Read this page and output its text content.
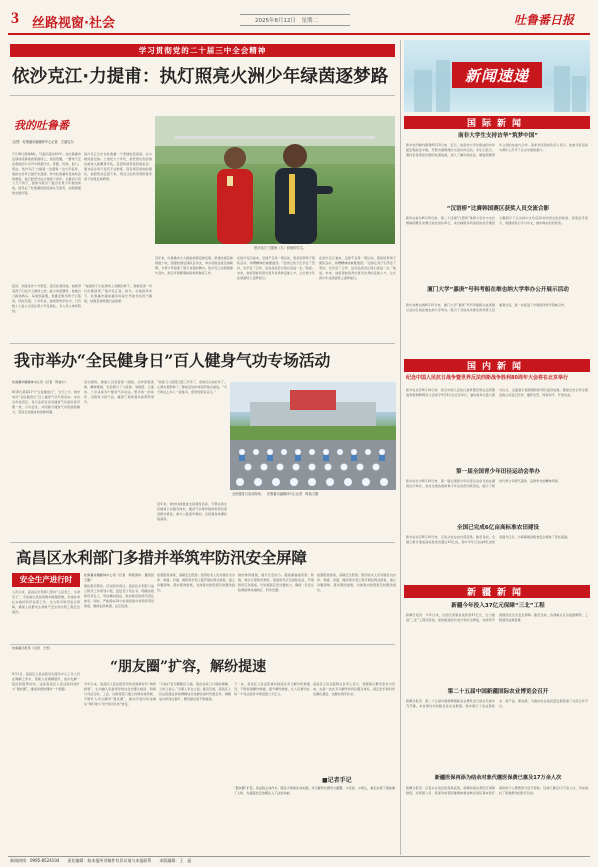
3 丝路视窗·社会	2025年8月12日　星期二	吐鲁番日报
学习贯彻党的二十届三中全会精神
依沙克江·力提甫：执灯照亮火洲少年绿茵逐梦路
我的吐鲁番
文/图　吐鲁番市融媒体中心记者　古丽扎尔
7月16日傍晚6时，气温仍超过40℃。在吐鲁番市足球训练基地的绿茵场上，热浪蒸腾，一群孩子正在教练的口令声中挥洒汗水，奔跑、传球、射门。场边，依沙克江·力提甫一边观察一边大声指导，他的衣衫早已被汗水浸透。作为吐鲁番市足球协会的教练，他已经坚守这片球场十余年。从最初只有十几个孩子，到如今吸引了数百名青少年参加训练，他见证了吐鲁番校园足球从无到有、由弱到强的发展历程。
依沙克江出生在吐鲁番一个普通农民家庭，从小就热爱足球。上世纪九十年代，他凭借出色的球技被选入新疆青年队，后因伤病退役回到家乡。面对家乡孩子没有专业教练、没有规范场地的现状，他毅然决定留下来，用自己的所学帮助更多孩子实现足球梦想。
起初，训练条件十分艰苦，没有标准场地，他就带着孩子们在沙土操场上练；缺少训练器材，他就自己掏钱购买。每到寒暑假，他都会组织孩子们集训，风雨无阻。十多年来，他培养的学生中，已有数十人进入自治区青少年足球队，多人考入体育院校。
“看到孩子们在球场上奔跑的样子，我就觉得一切付出都值得。”依沙克江说。如今，在他的带动下，吐鲁番市越来越多的家长开始支持孩子踢球，校园足球氛围日益浓厚。
依沙克江·力提甫（右）和他的学生。
近年来，吐鲁番市大力推进校园足球发展，新建改建足球场数十块，组建校园足球队百余支，举办各级各类足球联赛，为青少年搭建了展示自我的舞台。依沙克江也积极参与其中，担任多项赛事的裁判和教练工作。
在依沙克江看来，足球不仅是一项运动，更是培养孩子团队意识、拼搏精神的重要途径。“足球让孩子们学会了坚持，也学会了合作，这些品质会让他们受益一生。”他说。未来，他希望能培养出更多优秀的足球人才，让火洲少年在绿茵场上逐梦前行。
在依沙克江看来，足球不仅是一项运动，更是培养孩子团队意识、拼搏精神的重要途径。“足球让孩子们学会了坚持，也学会了合作，这些品质会让他们受益一生。”他说。未来，他希望能培养出更多优秀的足球人才，让火洲少年在绿茵场上逐梦前行。
我市举办“全民健身日”百人健身气功专场活动
吐鲁番市融媒体中心讯（记者　阿迪力）
8月8日是第17个“全民健身日”，当天上午，我市举办“全民健身日”百人健身气功专场活动。来自全市各县区、各行业的百余名健身气功爱好者齐聚一堂，以功会友，共同展示健身气功的独特魅力，营造全民健身的浓厚氛围。
活动现场，参演人员身着统一服装，动作舒展流畅，精神饱满，先后展示了八段锦、易筋经、五禽戏、六字诀等多个健身气功功法。整齐划一的动作、沉稳有力的气息，赢得了现场观众的阵阵掌声。
“我练习八段锦已经三年多了，身体比以前好多了，心情也更舒畅了。”参加活动的市民阿依古丽说，“今天和这么多人一起练功，感觉特别有意义。”
全民健身日活动现场。　吐鲁番市融媒体中心记者　阿迪力摄
近年来，我市持续推进全民健身活动，不断完善全民健身公共服务体系，健身气功等传统体育项目深受群众喜爱，参与人数逐年增加，全民健身热潮持续高涨。
高昌区水利部门多措并举筑牢防汛安全屏障
安全生产进行时	吐鲁番市融媒体中心讯（记者　阿依努尔　通讯员　王刚）
入汛以来，高昌区水利部门坚持“人民至上、生命至上”，牢固树立底线思维和极限思维，多措并举扎实做好防汛各项工作，全力筑牢防汛安全屏障，确保人民群众生命财产安全和水利工程安全度汛。
强化组织领导，压实防汛责任。高昌区水利部门成立防汛工作领导小组，层层签订责任书，明确各级防汛责任人，形成横向到边、纵向到底的防汛责任体系。同时，严格落实24小时值班值守和领导带班制度，确保信息畅通、反应迅速。
加强隐患排查，消除安全隐患。组织技术人员对辖区内水库、渠道、河道、堤防等水利工程开展拉网式排查，建立问题清单，落实整改措施，对排查出的隐患及时整改到位。
做好物资储备，提升应急能力。提前储备编织袋、铁锹、救生衣等防汛物资，组建防汛应急抢险队伍，开展防汛应急演练，切实提高应急处置能力，确保一旦发生险情能够快速响应、科学处置。
加强隐患排查，消除安全隐患。组织技术人员对辖区内水库、渠道、河道、堤防等水利工程开展拉网式排查，建立问题清单，落实整改措施，对排查出的隐患及时整改到位。
“朋友圈”扩容，解纷提速
吐鲁番日报讯（记者　王雪）
8月1日，高昌区人民法院诉讼服务中心工作人员在调解工作中，借助人民调解组织，成功化解一起民间借贷纠纷。这是高昌区人民法院持续扩大“朋友圈”，推进诉源治理的一个缩影。
今年以来，高昌区人民法院坚持和发展新时代“枫桥经验”，主动融入党委领导的社会治理大格局，积极与司法行政、工会、妇联等部门建立诉调对接机制，不断扩大多元解纷“朋友圈”，推动矛盾纠纷化解从“单打独斗”向“协同共治”转变。
“以前打官司要跑好几趟，现在在家门口就能调解，又快又省心。”当事人李女士说。截至目前，高昌区人民法院通过诉前调解成功化解各类纠纷数百件，调解成功率同比提升，群众满意度不断提高。
下一步，高昌区人民法院将持续深化多元解纷机制建设，不断拓展解纷渠道，提升解纷效能，让人民群众在每一个司法案件中感受到公平正义。
高昌区人民法院相关负责人表示，将继续以群众需求为导向，完善一站式多元解纷和诉讼服务体系，真正把矛盾纠纷化解在基层、化解在萌芽状态。
■记者手记
“朋友圈”扩容，是法院主动作为、服务大局的生动实践。多元解纷让群众少跑腿、少花钱、少烦心，真正实现了案结事了人和，为基层社会治理注入了法治动能。
新闻速递
国际新闻
南非大学生支持访华“筑梦中国”
新华社约翰内斯堡8月10日电　近日，由南非大学生组成的访华团启程前往中国，开展为期两周的交流访问活动。学生们表示，期待亲身感受中国的发展成就，深入了解中国文化，增进两国青年之间的友谊与合作。南非多所高校负责人表示，此类交流活动为青年人打开了认识中国的窗口。
“汉语桥”比赛韩国赛区获奖人员交流合影
新华社首尔8月10日电　第二十四届“汉语桥”世界大学生中文比赛韩国赛区决赛日前在首尔举行，来自韩国多所高校的选手围绕主题展示了扎实的中文功底和对中国文化的热爱。获奖选手表示，将继续努力学习中文，做中韩友好的使者。
厦门大学“嘉庚”号科考船在维也纳大学举办公开展示活动
新华社维也纳8月10日电　厦门大学“嘉庚”号科考船相关成果展示活动日前在维也纳大学举办，吸引了当地众多师生和科研人员参观交流，进一步促进了中奥海洋科学领域合作。
国内新闻
纪念中国人民抗日战争暨世界反法西斯战争胜利80周年大会将在北京举行
新华社北京8月10日电　纪念中国人民抗日战争暨世界反法西斯战争胜利80周年大会将于9月3日在北京举行，届时将举行盛大阅兵仪式，全面展示我国国防和军队建设成就，激励全党全军全国各族人民铭记历史、缅怀先烈、珍爱和平、开创未来。
第一届全国青少年田径运动会举办
新华社长沙8月10日电　第一届全国青少年田径运动会日前在湖南长沙举办，来自全国各地的青少年运动员同场竞技，展示了新时代青少年朝气蓬勃、奋勇争先的精神风貌。
全国已完成6亿亩高标准农田建设
新华社北京8月10日电　记者从农业农村部获悉，截至目前，全国已累计建成高标准农田超过10亿亩，其中今年已完成6亿亩改造提升任务，为保障国家粮食安全提供了坚实基础。
新疆新闻
新疆今年投入37亿元保障“三北”工程
新疆日报讯　今年以来，自治区统筹各类资金37亿元，全力推进“三北”工程攻坚战，加快推进防沙治沙和生态修复，持续筑牢我国西北生态安全屏障。截至目前，各项重点任务进展顺利，工程建设成效显著。
第二十五届中国新疆国际农业博览会召开
新疆日报讯　第二十五届中国新疆国际农业博览会日前在乌鲁木齐开幕，来自国内外的数百家企业参展，集中展示了农业新技术、新产品、新成果，为推动农业高质量发展搭建了交流合作平台。
新疆医保再添为结余对象代缴医保费已惠及17万余人次
新疆日报讯　记者从自治区医保局获悉，新疆持续完善医疗保障制度，对特困人员、低保对象等困难群体参加城乡居民基本医疗保险的个人缴费部分给予资助，目前已惠及17万余人次，切实减轻了困难群众的医疗负担。
新闻热线：0995-8524104　　责任编辑：如本报所刊稿件有异议请与本报联系　　本版编辑：王　晶
